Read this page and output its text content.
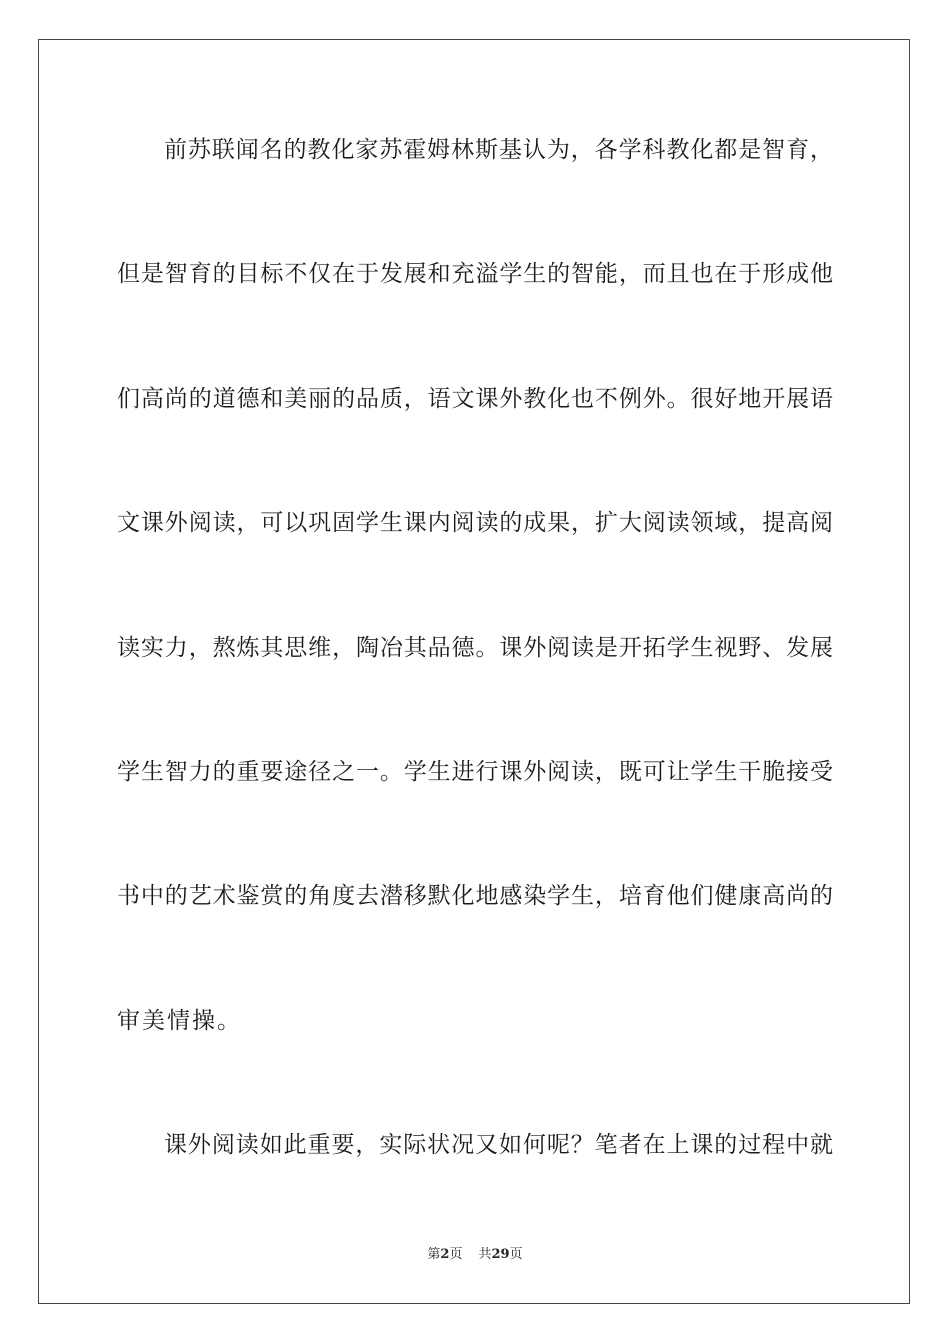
前苏联闻名的教化家苏霍姆林斯基认为，各学科教化都是智育，
但是智育的目标不仅在于发展和充溢学生的智能，而且也在于形成他
们高尚的道德和美丽的品质，语文课外教化也不例外。很好地开展语
文课外阅读，可以巩固学生课内阅读的成果，扩大阅读领域，提高阅
读实力，熬炼其思维，陶冶其品德。课外阅读是开拓学生视野、发展
学生智力的重要途径之一。学生进行课外阅读，既可让学生干脆接受
书中的艺术鉴赏的角度去潜移默化地感染学生，培育他们健康高尚的
审美情操。
课外阅读如此重要，实际状况又如何呢？笔者在上课的过程中就
第2页 共29页
